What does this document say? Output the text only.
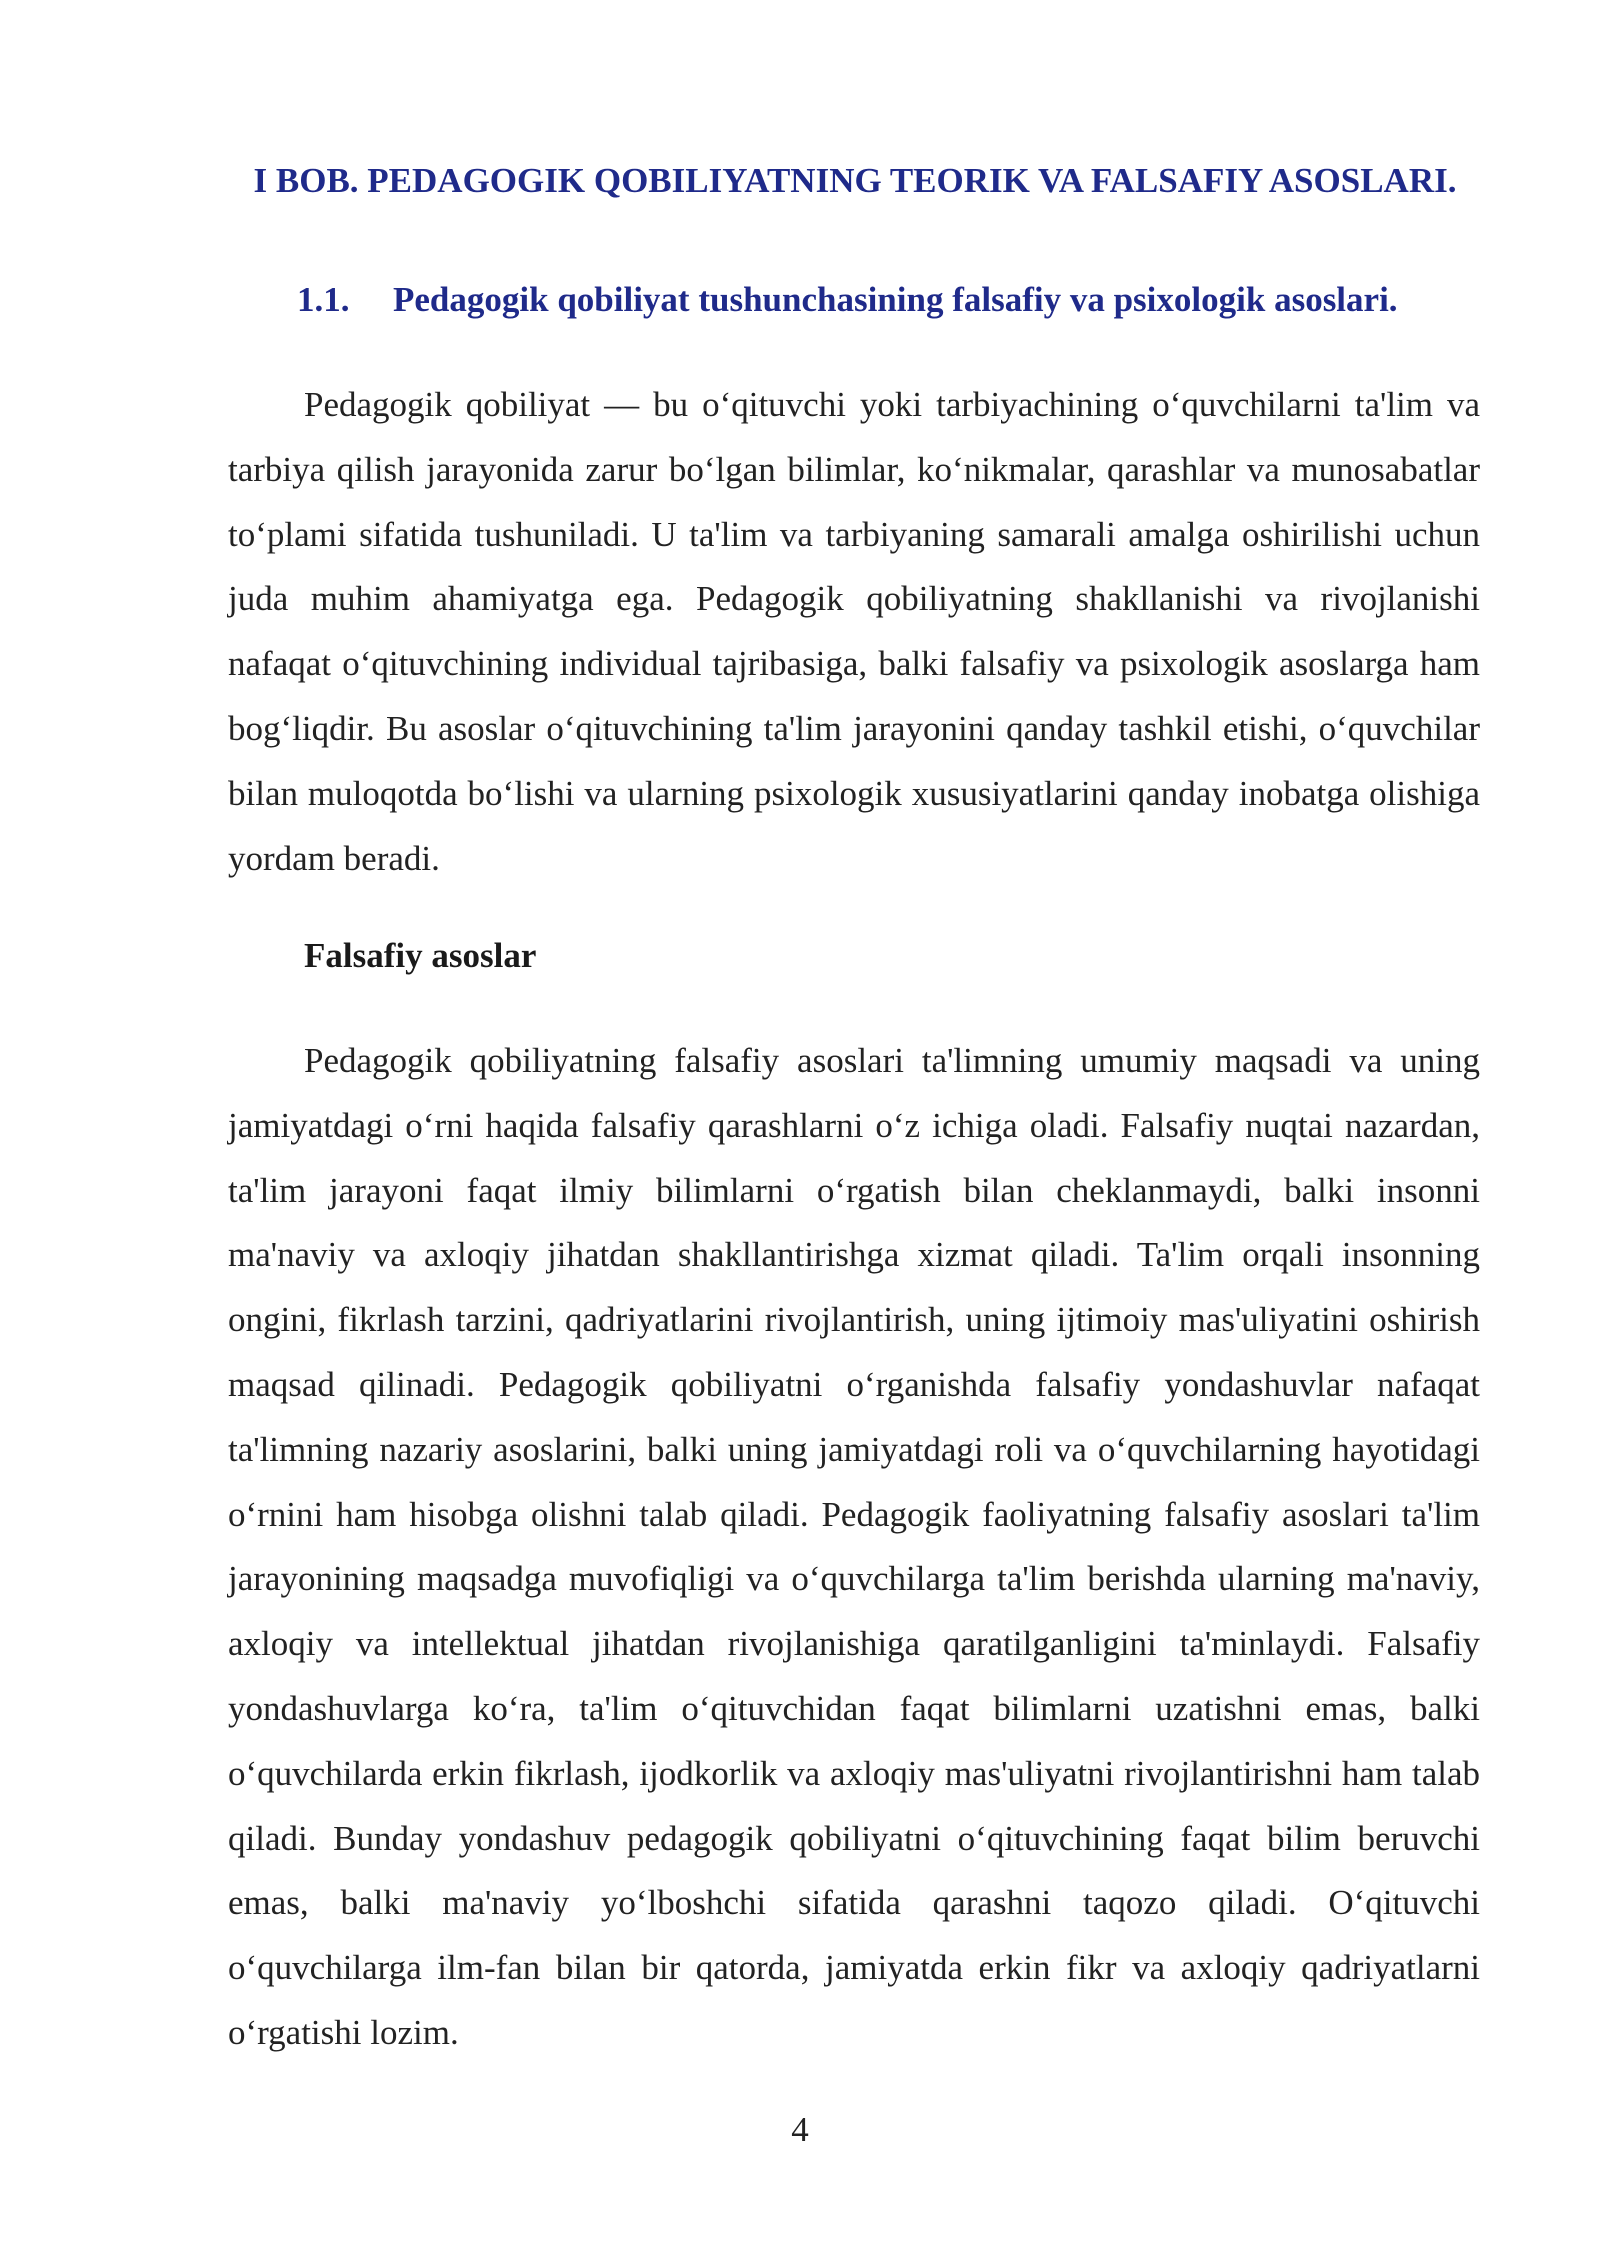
I BOB. PEDAGOGIK QOBILIYATNING TEORIK VA FALSAFIY ASOSLARI.
1.1. Pedagogik qobiliyat tushunchasining falsafiy va psixologik asoslari.

Pedagogik qobiliyat — bu o‘qituvchi yoki tarbiyachining o‘quvchilarni ta'lim va tarbiya qilish jarayonida zarur bo‘lgan bilimlar, ko‘nikmalar, qarashlar va munosabatlar to‘plami sifatida tushuniladi. U ta'lim va tarbiyaning samarali amalga oshirilishi uchun juda muhim ahamiyatga ega. Pedagogik qobiliyatning shakllanishi va rivojlanishi nafaqat o‘qituvchining individual tajribasiga, balki falsafiy va psixologik asoslarga ham bog‘liqdir. Bu asoslar o‘qituvchining ta'lim jarayonini qanday tashkil etishi, o‘quvchilar bilan muloqotda bo‘lishi va ularning psixologik xususiyatlarini qanday inobatga olishiga yordam beradi.

Falsafiy asoslar

Pedagogik qobiliyatning falsafiy asoslari ta'limning umumiy maqsadi va uning jamiyatdagi o‘rni haqida falsafiy qarashlarni o‘z ichiga oladi. Falsafiy nuqtai nazardan, ta'lim jarayoni faqat ilmiy bilimlarni o‘rgatish bilan cheklanmaydi, balki insonni ma'naviy va axloqiy jihatdan shakllantirishga xizmat qiladi. Ta'lim orqali insonning ongini, fikrlash tarzini, qadriyatlarini rivojlantirish, uning ijtimoiy mas'uliyatini oshirish maqsad qilinadi. Pedagogik qobiliyatni o‘rganishda falsafiy yondashuvlar nafaqat ta'limning nazariy asoslarini, balki uning jamiyatdagi roli va o‘quvchilarning hayotidagi o‘rnini ham hisobga olishni talab qiladi. Pedagogik faoliyatning falsafiy asoslari ta'lim jarayonining maqsadga muvofiqligi va o‘quvchilarga ta'lim berishda ularning ma'naviy, axloqiy va intellektual jihatdan rivojlanishiga qaratilganligini ta'minlaydi. Falsafiy yondashuvlarga ko‘ra, ta'lim o‘qituvchidan faqat bilimlarni uzatishni emas, balki o‘quvchilarda erkin fikrlash, ijodkorlik va axloqiy mas'uliyatni rivojlantirishni ham talab qiladi. Bunday yondashuv pedagogik qobiliyatni o‘qituvchining faqat bilim beruvchi emas, balki ma'naviy yo‘lboshchi sifatida qarashni taqozo qiladi. O‘qituvchi o‘quvchilarga ilm-fan bilan bir qatorda, jamiyatda erkin fikr va axloqiy qadriyatlarni o‘rgatishi lozim.

4
